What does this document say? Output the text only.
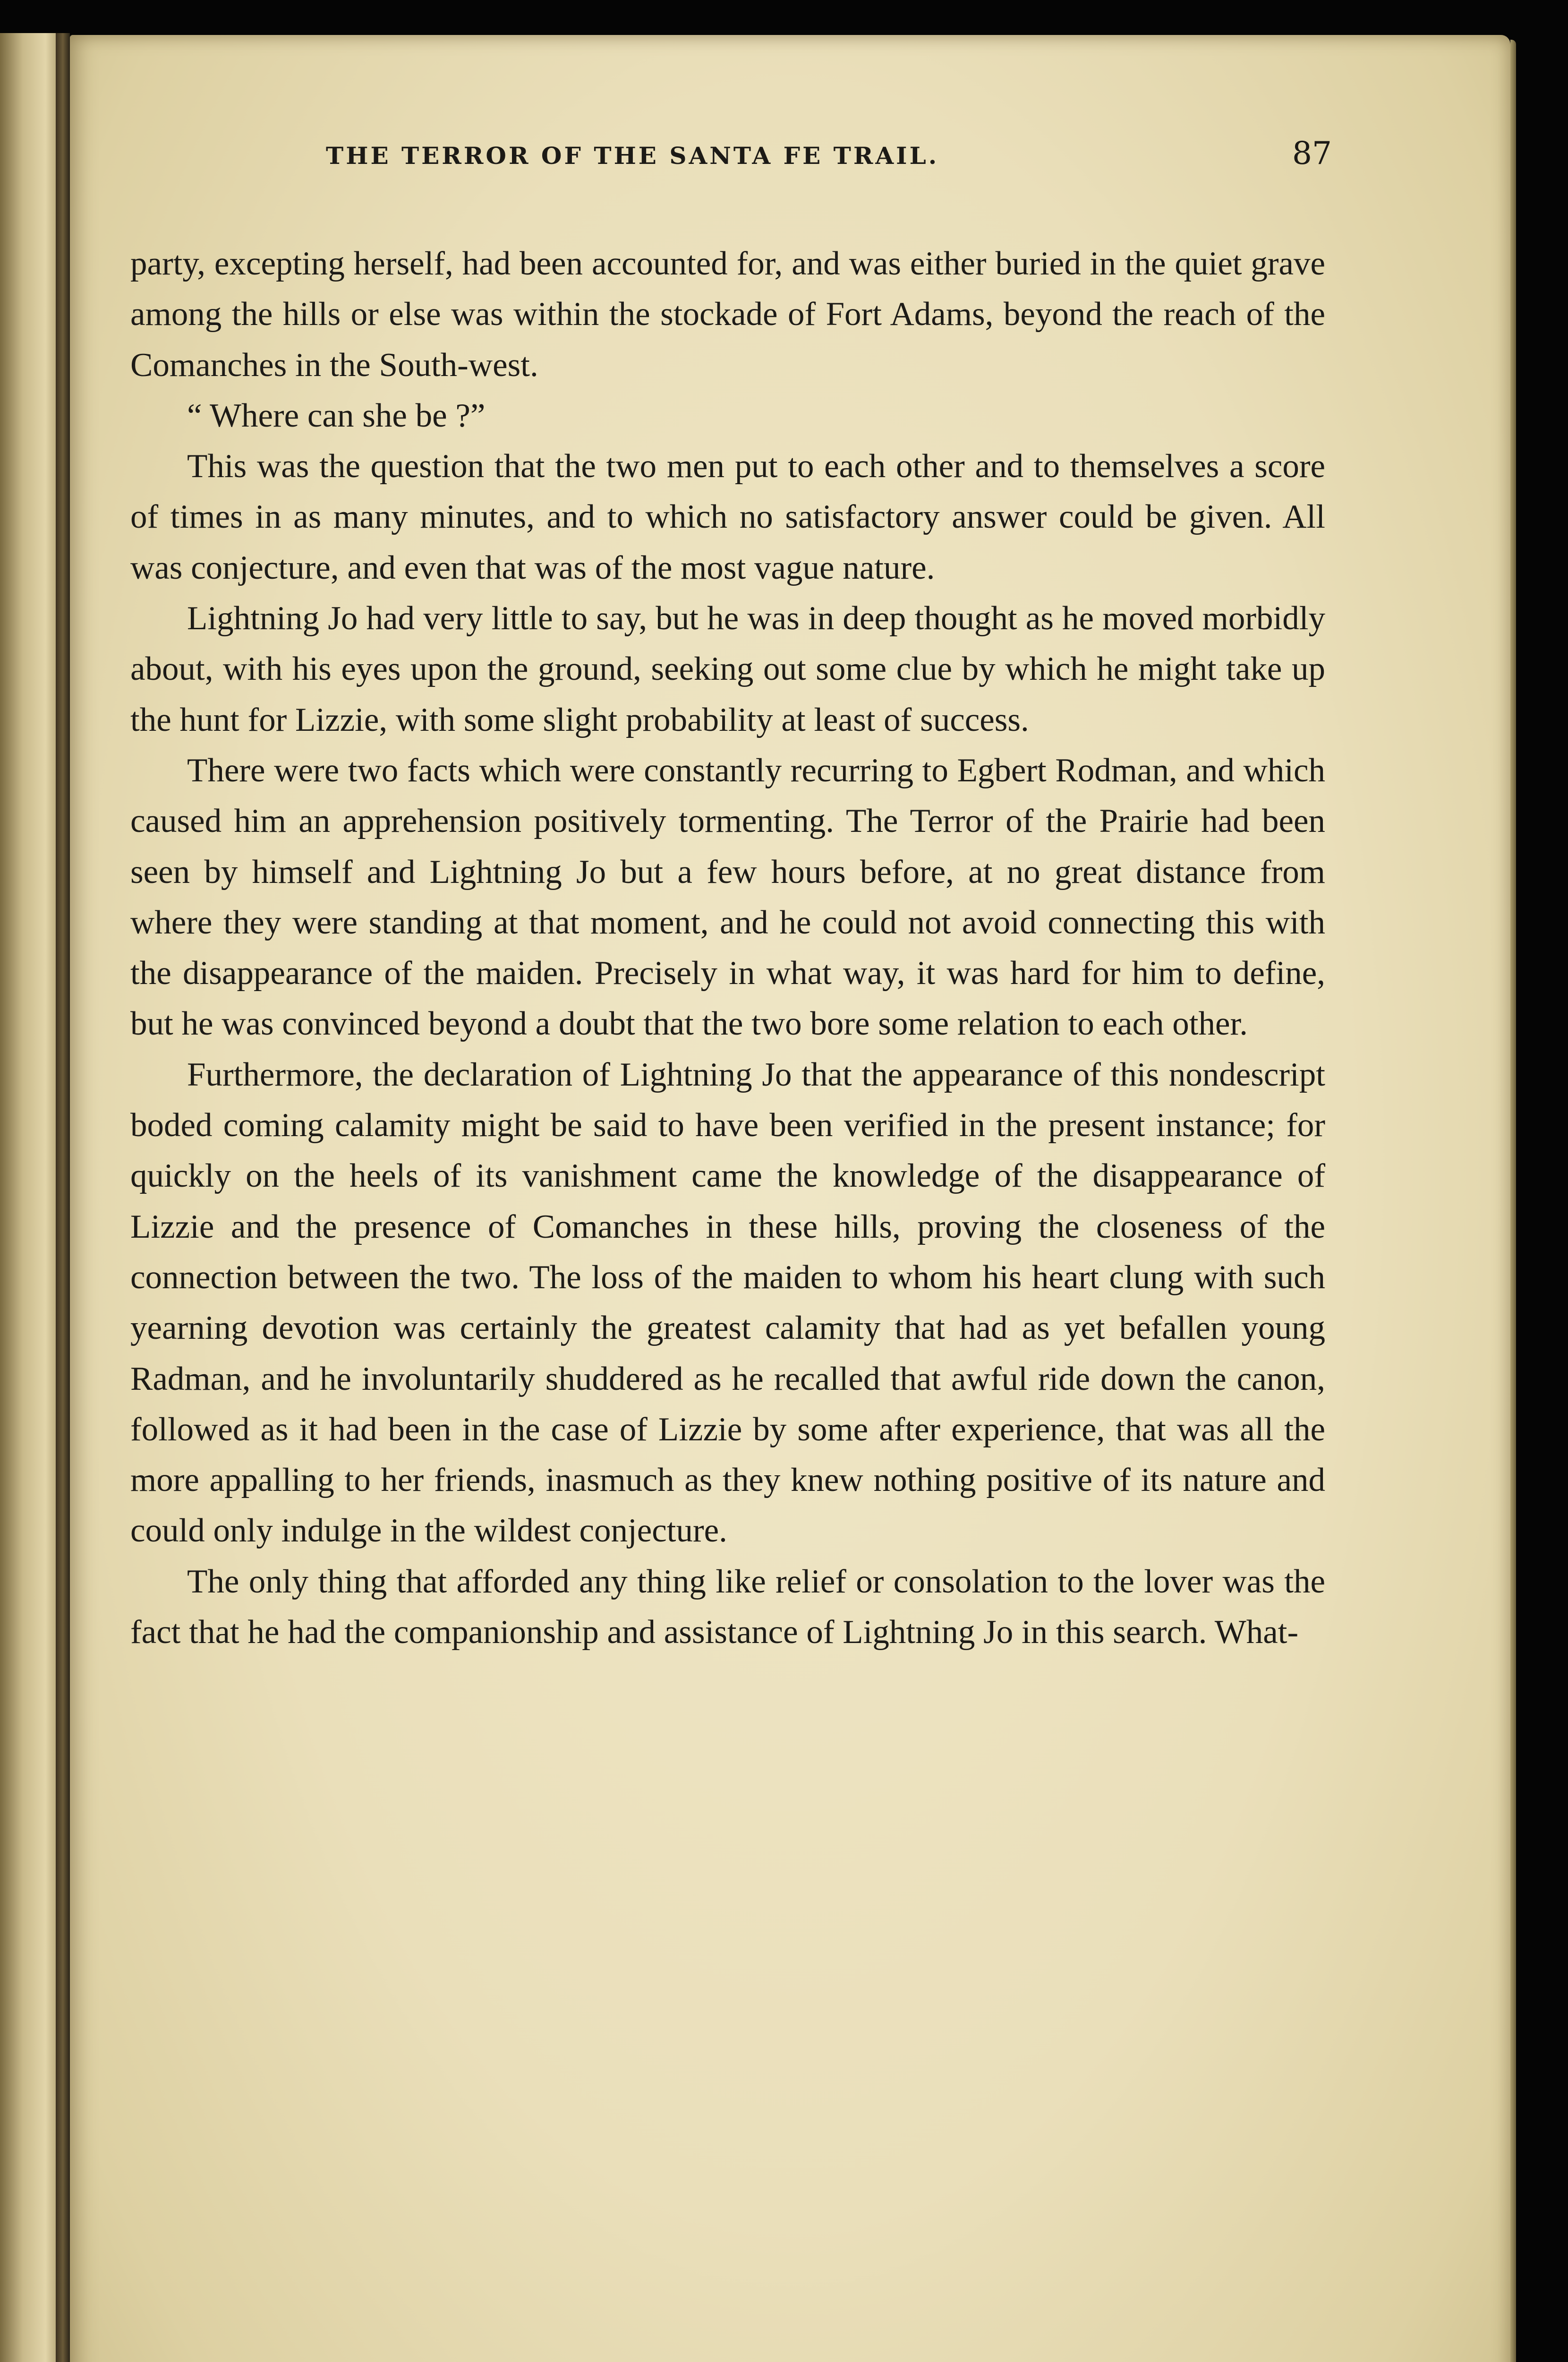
THE TERROR OF THE SANTA FE TRAIL.	87

party, excepting herself, had been accounted for, and was either buried in the quiet grave among the hills or else was within the stockade of Fort Adams, beyond the reach of the Comanches in the South-west.

“ Where can she be ?”

This was the question that the two men put to each other and to themselves a score of times in as many minutes, and to which no satisfactory answer could be given. All was conjecture, and even that was of the most vague nature.

Lightning Jo had very little to say, but he was in deep thought as he moved morbidly about, with his eyes upon the ground, seeking out some clue by which he might take up the hunt for Lizzie, with some slight probability at least of success.

There were two facts which were constantly recurring to Egbert Rodman, and which caused him an apprehension positively tormenting. The Terror of the Prairie had been seen by himself and Lightning Jo but a few hours before, at no great distance from where they were standing at that moment, and he could not avoid connecting this with the disappearance of the maiden. Precisely in what way, it was hard for him to define, but he was convinced beyond a doubt that the two bore some relation to each other.

Furthermore, the declaration of Lightning Jo that the appearance of this nondescript boded coming calamity might be said to have been verified in the present instance; for quickly on the heels of its vanishment came the knowledge of the disappearance of Lizzie and the presence of Comanches in these hills, proving the closeness of the connection between the two. The loss of the maiden to whom his heart clung with such yearning devotion was certainly the greatest calamity that had as yet befallen young Radman, and he involuntarily shuddered as he recalled that awful ride down the canon, followed as it had been in the case of Lizzie by some after experience, that was all the more appalling to her friends, inasmuch as they knew nothing positive of its nature and could only indulge in the wildest conjecture.

The only thing that afforded any thing like relief or consolation to the lover was the fact that he had the companionship and assistance of Lightning Jo in this search. What-
